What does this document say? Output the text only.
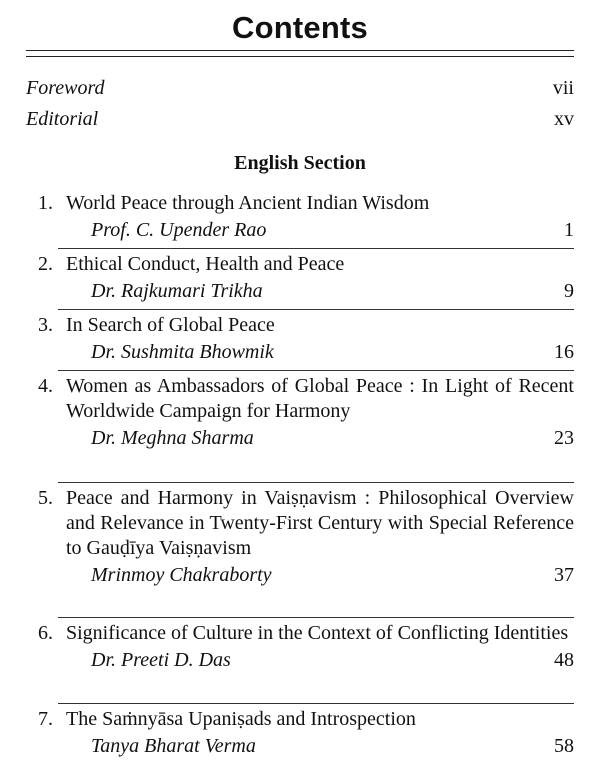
Contents
Foreword	vii
Editorial	xv
English Section
1. World Peace through Ancient Indian Wisdom
Prof. C. Upender Rao	1
2. Ethical Conduct, Health and Peace
Dr. Rajkumari Trikha	9
3. In Search of Global Peace
Dr. Sushmita Bhowmik	16
4. Women as Ambassadors of Global Peace : In Light of Recent Worldwide Campaign for Harmony
Dr. Meghna Sharma	23
5. Peace and Harmony in Vaiṣṇavism : Philosophical Overview and Relevance in Twenty-First Century with Special Reference to Gauḍīya Vaiṣṇavism
Mrinmoy Chakraborty	37
6. Significance of Culture in the Context of Conflicting Identities
Dr. Preeti D. Das	48
7. The Saṁnyāsa Upaniṣads and Introspection
Tanya Bharat Verma	58
